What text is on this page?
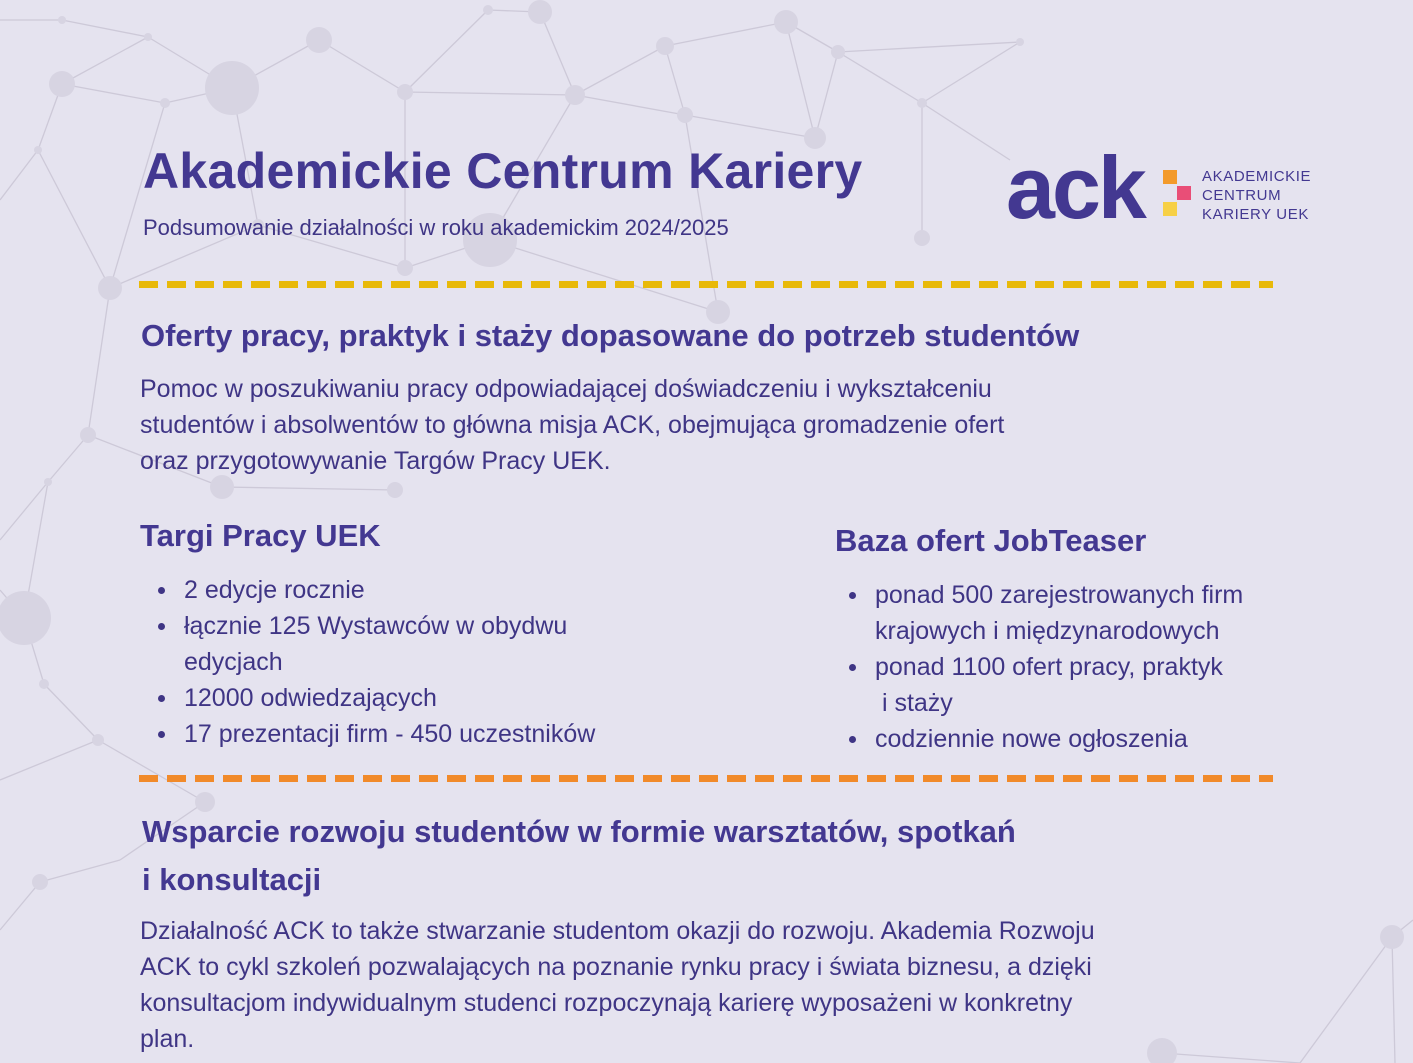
Akademickie Centrum Kariery
Podsumowanie działalności w roku akademickim 2024/2025	ack	AKADEMICKIE
CENTRUM
KARIERY UEK
Oferty pracy, praktyk i staży dopasowane do potrzeb studentów
Pomoc w poszukiwaniu pracy odpowiadającej doświadczeniu i wykształceniu
studentów i absolwentów to główna misja ACK, obejmująca gromadzenie ofert
oraz przygotowywanie Targów Pracy UEK.
Targi Pracy UEK
2 edycje rocznie
łącznie 125 Wystawców w obydwu
edycjach
12000 odwiedzających
17 prezentacji firm - 450 uczestników
Baza ofert JobTeaser
ponad 500 zarejestrowanych firm
krajowych i międzynarodowych
ponad 1100 ofert pracy, praktyk
i staży
codziennie nowe ogłoszenia
Wsparcie rozwoju studentów w formie warsztatów, spotkań
i konsultacji
Działalność ACK to także stwarzanie studentom okazji do rozwoju. Akademia Rozwoju
ACK to cykl szkoleń pozwalających na poznanie rynku pracy i świata biznesu, a dzięki
konsultacjom indywidualnym studenci rozpoczynają karierę wyposażeni w konkretny
plan.
